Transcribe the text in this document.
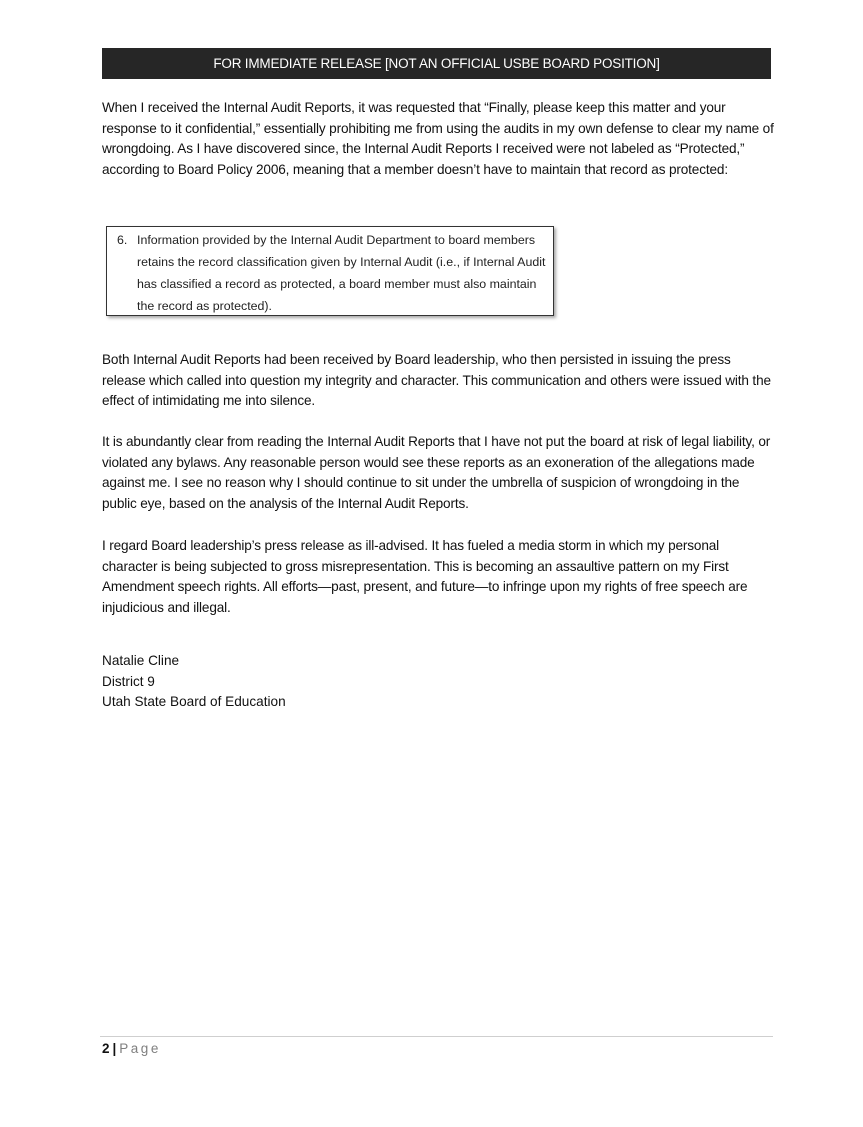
FOR IMMEDIATE RELEASE [NOT AN OFFICIAL USBE BOARD POSITION]

When I received the Internal Audit Reports, it was requested that “Finally, please keep this matter and your response to it confidential,” essentially prohibiting me from using the audits in my own defense to clear my name of wrongdoing. As I have discovered since, the Internal Audit Reports I received were not labeled as “Protected,” according to Board Policy 2006, meaning that a member doesn’t have to maintain that record as protected:

6. Information provided by the Internal Audit Department to board members retains the record classification given by Internal Audit (i.e., if Internal Audit has classified a record as protected, a board member must also maintain the record as protected).

Both Internal Audit Reports had been received by Board leadership, who then persisted in issuing the press release which called into question my integrity and character. This communication and others were issued with the effect of intimidating me into silence.

It is abundantly clear from reading the Internal Audit Reports that I have not put the board at risk of legal liability, or violated any bylaws. Any reasonable person would see these reports as an exoneration of the allegations made against me. I see no reason why I should continue to sit under the umbrella of suspicion of wrongdoing in the public eye, based on the analysis of the Internal Audit Reports.

I regard Board leadership’s press release as ill-advised. It has fueled a media storm in which my personal character is being subjected to gross misrepresentation. This is becoming an assaultive pattern on my First Amendment speech rights. All efforts—past, present, and future—to infringe upon my rights of free speech are injudicious and illegal.

Natalie Cline
District 9
Utah State Board of Education
2 | Page
